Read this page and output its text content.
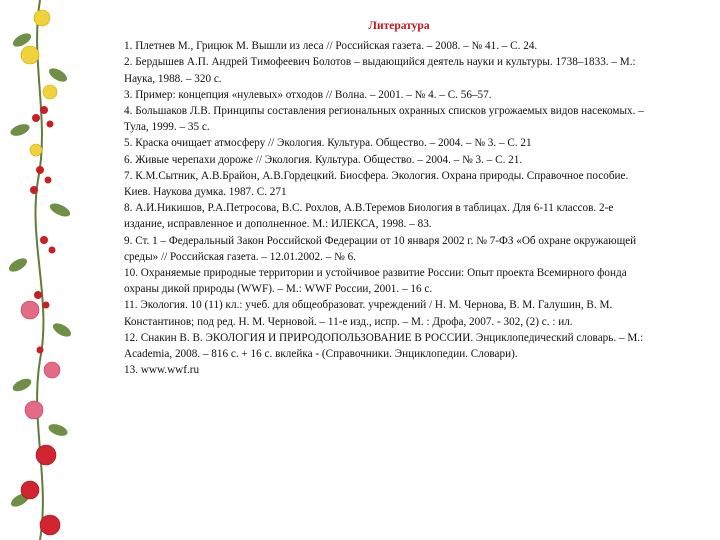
Литература

1. Плетнев М., Грицюк М. Вышли из леса // Российская газета. – 2008. – № 41. – С. 24.

2. Бердышев А.П. Андрей Тимофеевич Болотов – выдающийся деятель науки и культуры. 1738–1833. – М.: Наука, 1988. – 320 с.

3. Пример: концепция «нулевых» отходов // Волна. – 2001. – № 4. – С. 56–57.

4. Большаков Л.В. Принципы составления региональных охранных списков угрожаемых видов насекомых. – Тула, 1999. – 35 с.

5. Краска очищает атмосферу // Экология. Культура. Общество. – 2004. – № 3. – С. 21

6. Живые черепахи дороже // Экология. Культура. Общество. – 2004. – № 3. – С. 21.

7. К.М.Сытник, А.В.Брайон, А.В.Гордецкий. Биосфера. Экология. Охрана природы. Справочное пособие. Киев. Наукова думка. 1987. С. 271

8. А.И.Никишов, Р.А.Петросова, В.С. Рохлов, А.В.Теремов Биология в таблицах. Для 6-11 классов. 2-е издание, исправленное и дополненное. М.: ИЛЕКСА, 1998. – 83.

9. Ст. 1 – Федеральный Закон Российской Федерации от 10 января 2002 г. № 7-ФЗ «Об охране окружающей среды» // Российская газета. – 12.01.2002. – № 6.

10. Охраняемые природные территории и устойчивое развитие России: Опыт проекта Всемирного фонда охраны дикой природы (WWF). – М.: WWF России, 2001. – 16 с.

11. Экология. 10 (11) кл.: учеб. для общеобразоват. учреждений / Н. М. Чернова, В. М. Галушин, В. М. Константинов; под ред. Н. М. Черновой. – 11-е изд., испр. – М. : Дрофа, 2007. - 302, (2) с. : ил.

12. Снакин В. В. ЭКОЛОГИЯ И ПРИРОДОПОЛЬЗОВАНИЕ В РОССИИ. Энциклопедический словарь. – М.: Academia, 2008. – 816 с. + 16 с. вклейка - (Справочники. Энциклопедии. Словари).

13. www.wwf.ru
